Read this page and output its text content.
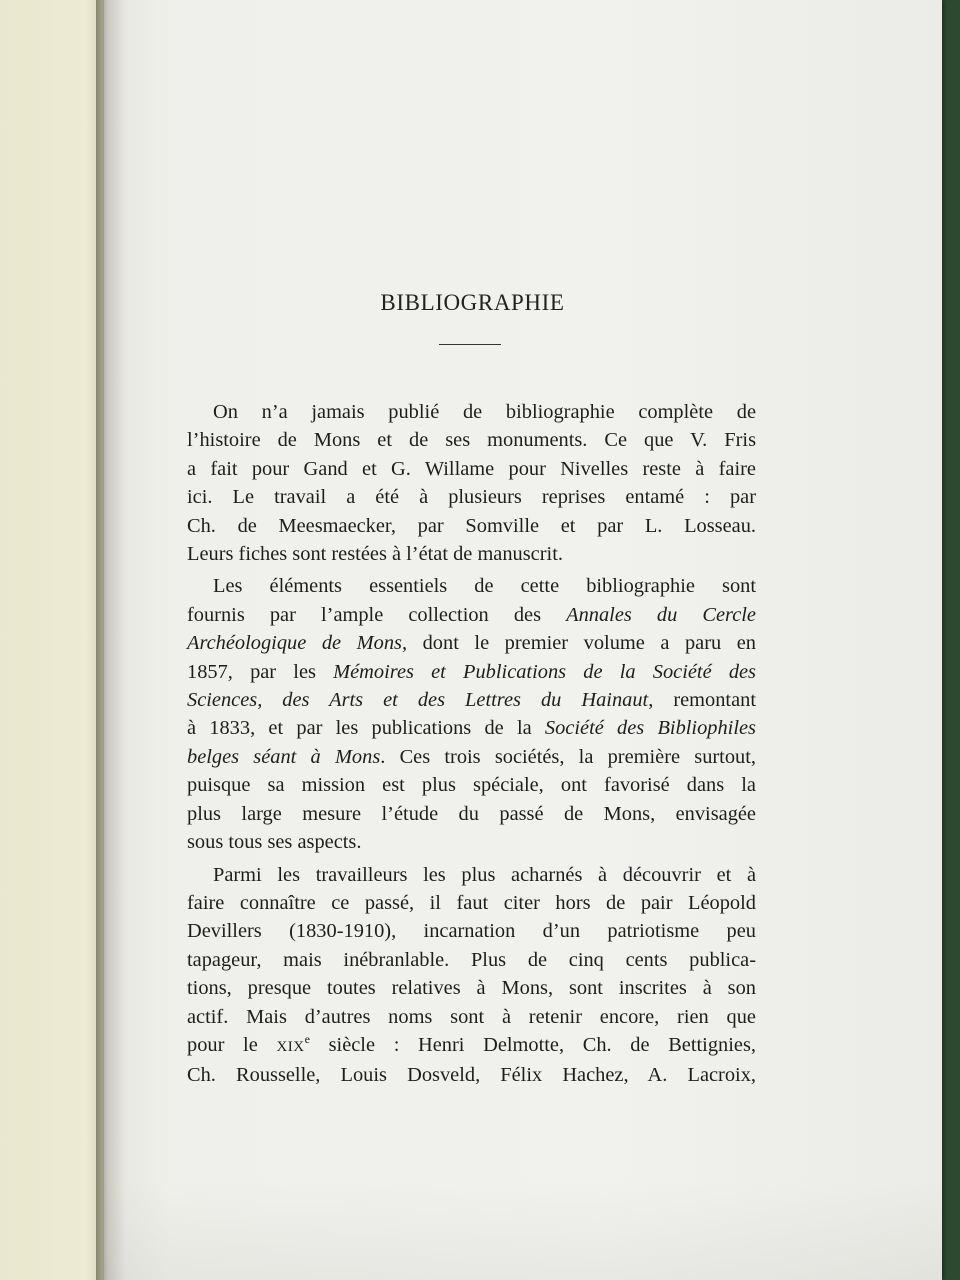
BIBLIOGRAPHIE
On n’a jamais publié de bibliographie complète de
l’histoire de Mons et de ses monuments. Ce que V. Fris
a fait pour Gand et G. Willame pour Nivelles reste à faire
ici. Le travail a été à plusieurs reprises entamé : par
Ch. de Meesmaecker, par Somville et par L. Losseau.
Leurs fiches sont restées à l’état de manuscrit.
Les éléments essentiels de cette bibliographie sont
fournis par l’ample collection des Annales du Cercle
Archéologique de Mons, dont le premier volume a paru en
1857, par les Mémoires et Publications de la Société des
Sciences, des Arts et des Lettres du Hainaut, remontant
à 1833, et par les publications de la Société des Bibliophiles
belges séant à Mons. Ces trois sociétés, la première surtout,
puisque sa mission est plus spéciale, ont favorisé dans la
plus large mesure l’étude du passé de Mons, envisagée
sous tous ses aspects.
Parmi les travailleurs les plus acharnés à découvrir et à
faire connaître ce passé, il faut citer hors de pair Léopold
Devillers (1830-1910), incarnation d’un patriotisme peu
tapageur, mais inébranlable. Plus de cinq cents publica-
tions, presque toutes relatives à Mons, sont inscrites à son
actif. Mais d’autres noms sont à retenir encore, rien que
pour le XIXe siècle : Henri Delmotte, Ch. de Bettignies,
Ch. Rousselle, Louis Dosveld, Félix Hachez, A. Lacroix,
